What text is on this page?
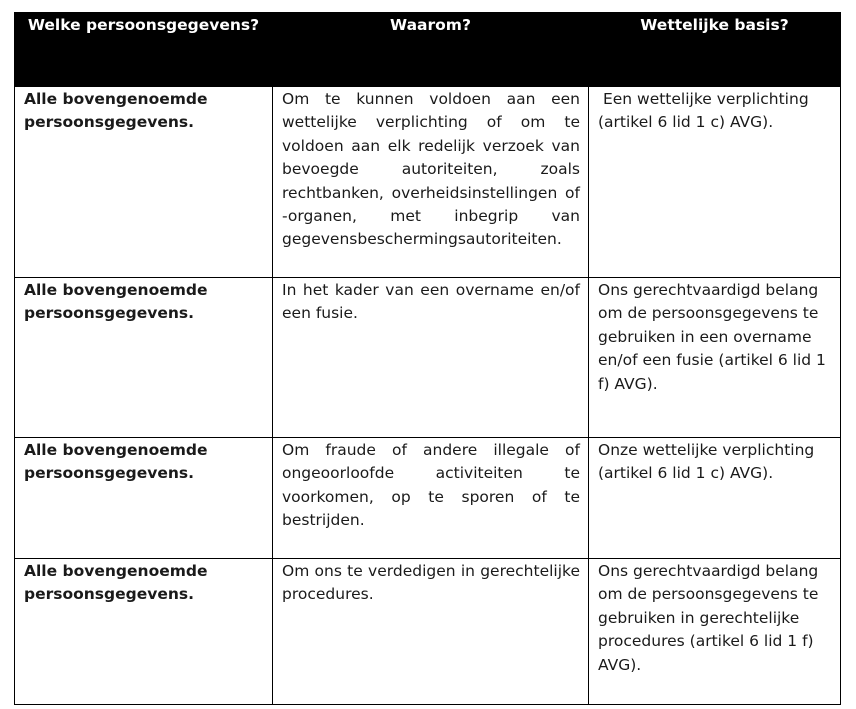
Welke persoonsgegevens?	Waarom?	Wettelijke basis?

Alle bovengenoemde persoonsgegevens.	Om te kunnen voldoen aan een wettelijke verplichting of om te voldoen aan elk redelijk verzoek van bevoegde autoriteiten, zoals rechtbanken, overheidsinstellingen of -organen, met inbegrip van gegevensbeschermingsautoriteiten.	Een wettelijke verplichting (artikel 6 lid 1 c) AVG).

Alle bovengenoemde persoonsgegevens.	In het kader van een overname en/of een fusie.	Ons gerechtvaardigd belang om de persoonsgegevens te gebruiken in een overname en/of een fusie (artikel 6 lid 1 f) AVG).

Alle bovengenoemde persoonsgegevens.	Om fraude of andere illegale of ongeoorloofde activiteiten te voorkomen, op te sporen of te bestrijden.	Onze wettelijke verplichting (artikel 6 lid 1 c) AVG).

Alle bovengenoemde persoonsgegevens.	Om ons te verdedigen in gerechtelijke procedures.	Ons gerechtvaardigd belang om de persoonsgegevens te gebruiken in gerechtelijke procedures (artikel 6 lid 1 f) AVG).
